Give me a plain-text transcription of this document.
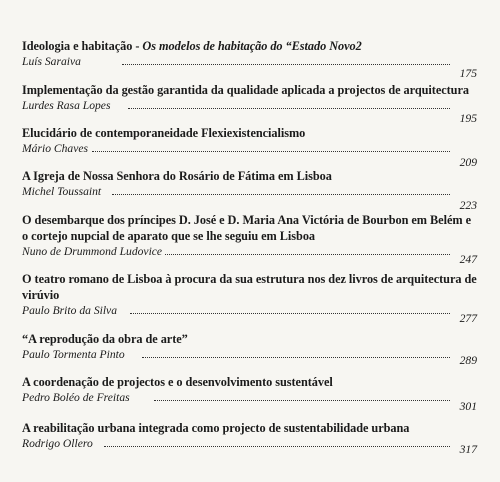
Ideologia e habitação - Os modelos de habitação do “Estado Novo2

Luís Saraiva
175

Implementação da gestão garantida da qualidade aplicada a projectos de arquitectura

Lurdes Rasa Lopes
195

Elucidário de contemporaneidade Flexiexistencialismo

Mário Chaves
209

A Igreja de Nossa Senhora do Rosário de Fátima em Lisboa

Michel Toussaint
223

O desembarque dos príncipes D. José e D. Maria Ana Victória de Bourbon em Belém e o cortejo nupcial de aparato que se lhe seguiu em Lisboa

Nuno de Drummond Ludovice
247

O teatro romano de Lisboa à procura da sua estrutura nos dez livros de arquitectura de virúvio

Paulo Brito da Silva
277

“A reprodução da obra de arte”

Paulo Tormenta Pinto	289

A coordenação de projectos e o desenvolvimento sustentável

Pedro Boléo de Freitas
301

A reabilitação urbana integrada como projecto de sustentabilidade urbana

Rodrigo Ollero	317
